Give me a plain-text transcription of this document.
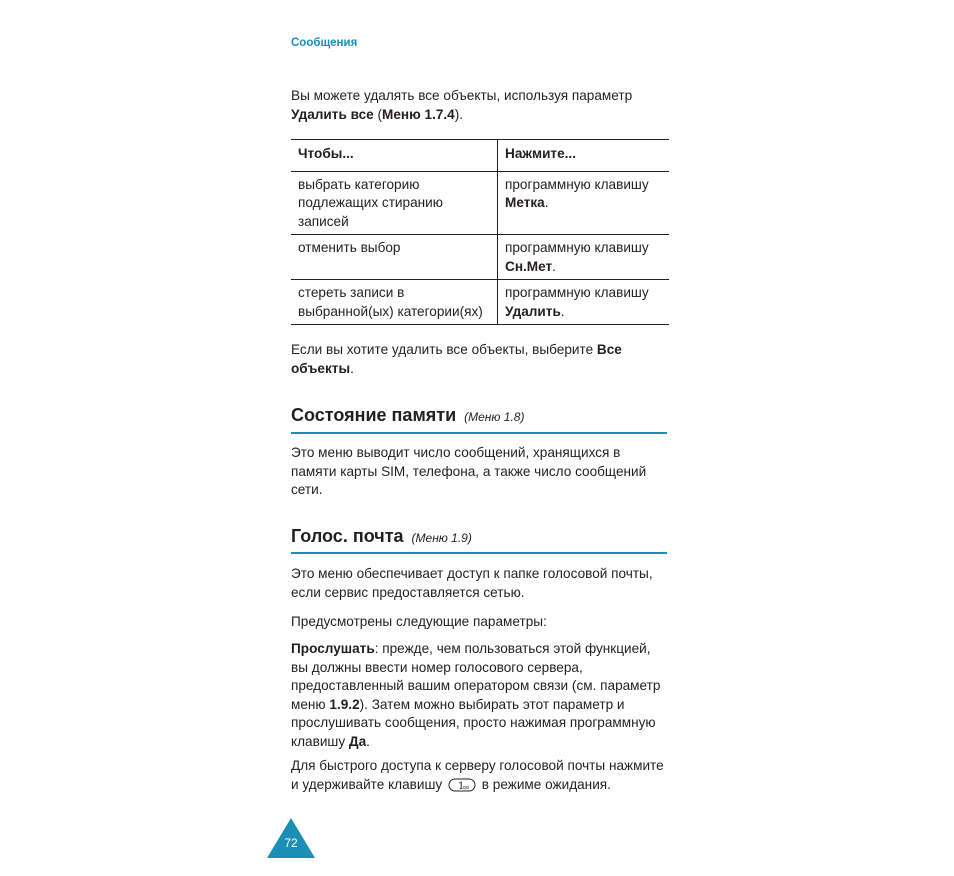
Сообщения

Вы можете удалять все объекты, используя параметр Удалить все (Меню 1.7.4).

Чтобы...	Нажмите...
выбрать категорию подлежащих стиранию записей	программную клавишу Метка.
отменить выбор	программную клавишу Сн.Мет.
стереть записи в выбранной(ых) категории(ях)	программную клавишу Удалить.

Если вы хотите удалить все объекты, выберите Все объекты.

Состояние памяти (Меню 1.8)

Это меню выводит число сообщений, хранящихся в памяти карты SIM, телефона, а также число сообщений сети.

Голос. почта (Меню 1.9)

Это меню обеспечивает доступ к папке голосовой почты, если сервис предоставляется сетью.

Предусмотрены следующие параметры:

Прослушать: прежде, чем пользоваться этой функцией, вы должны ввести номер голосового сервера, предоставленный вашим оператором связи (см. параметр меню 1.9.2). Затем можно выбирать этот параметр и прослушивать сообщения, просто нажимая программную клавишу Да.

Для быстрого доступа к серверу голосовой почты нажмите и удерживайте клавишу 1
oo в режиме ожидания.

72
